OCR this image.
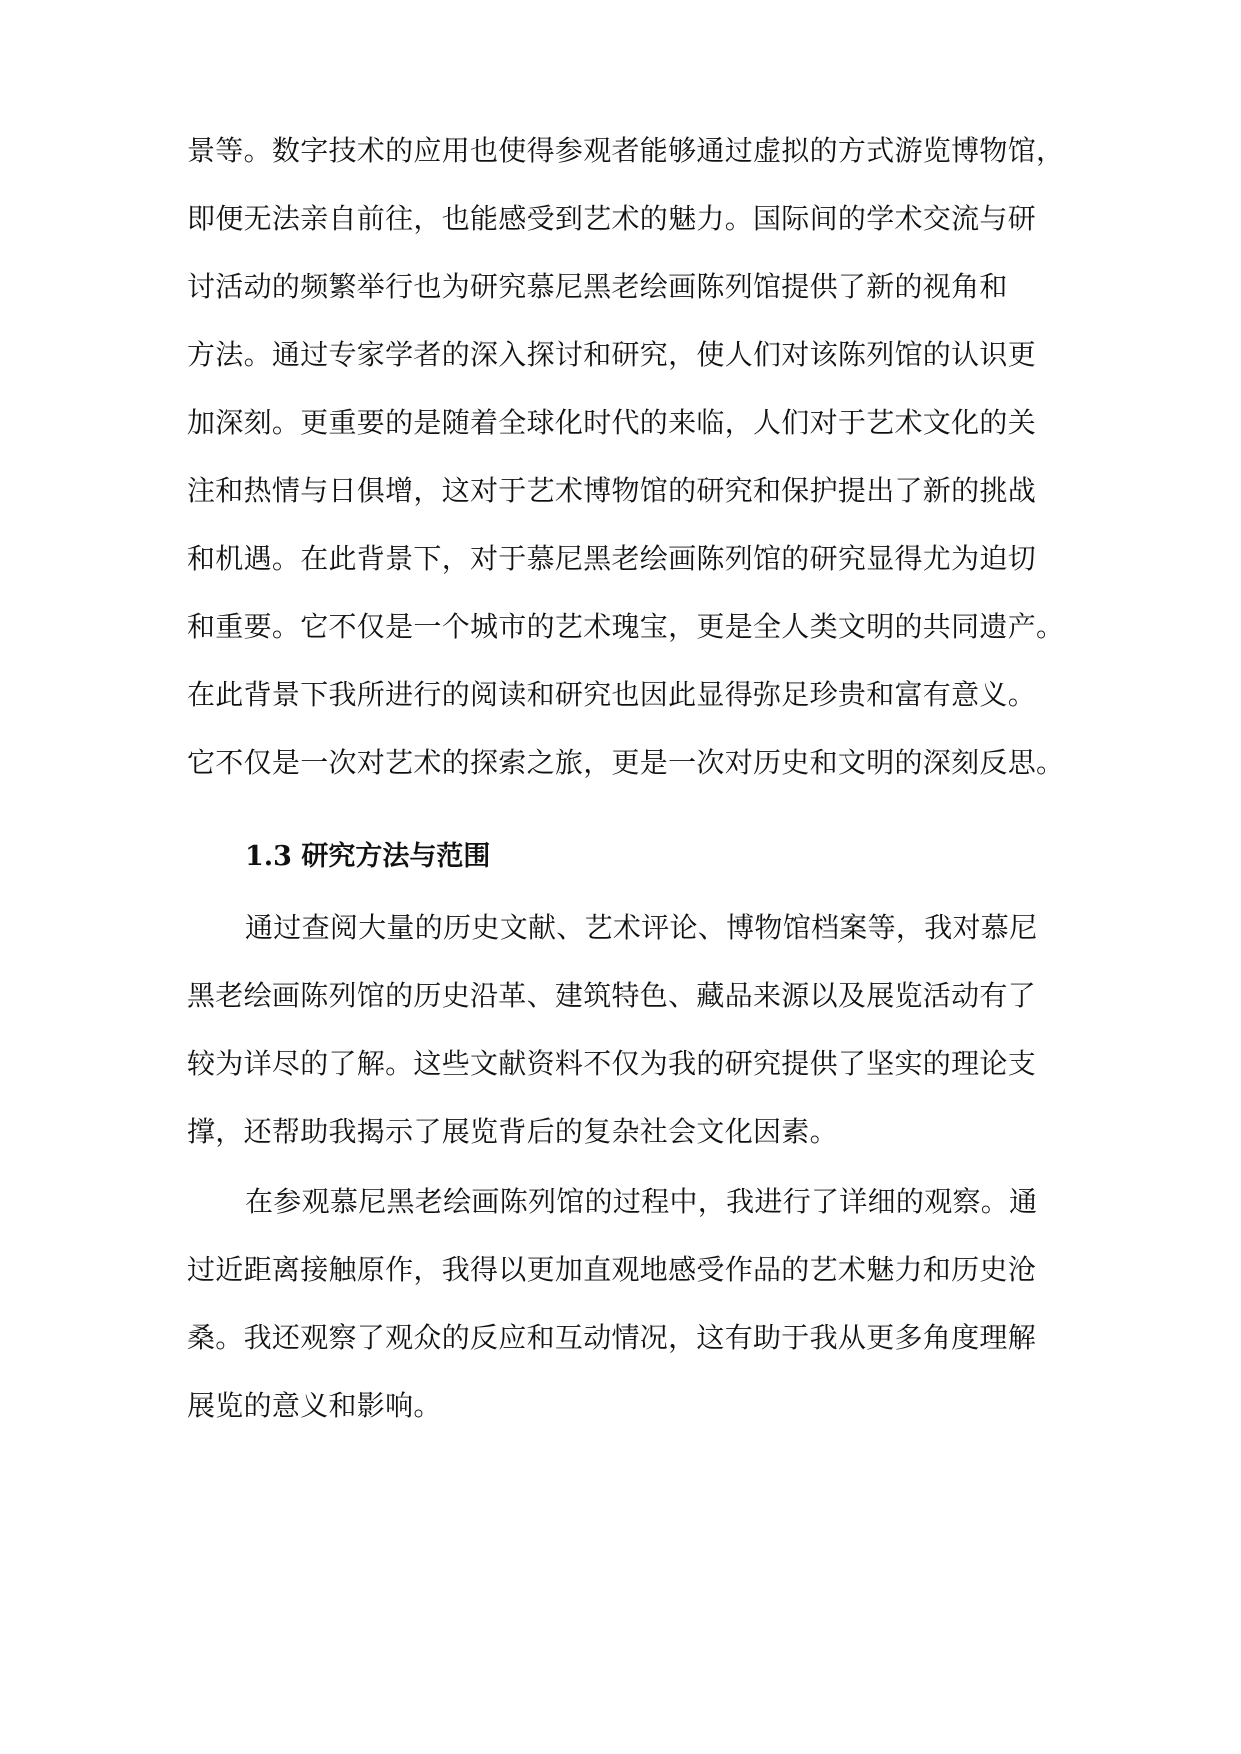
景等。数字技术的应用也使得参观者能够通过虚拟的方式游览博物馆，
即便无法亲自前往，也能感受到艺术的魅力。国际间的学术交流与研
讨活动的频繁举行也为研究慕尼黑老绘画陈列馆提供了新的视角和
方法。通过专家学者的深入探讨和研究，使人们对该陈列馆的认识更
加深刻。更重要的是随着全球化时代的来临，人们对于艺术文化的关
注和热情与日俱增，这对于艺术博物馆的研究和保护提出了新的挑战
和机遇。在此背景下，对于慕尼黑老绘画陈列馆的研究显得尤为迫切
和重要。它不仅是一个城市的艺术瑰宝，更是全人类文明的共同遗产。
在此背景下我所进行的阅读和研究也因此显得弥足珍贵和富有意义。
它不仅是一次对艺术的探索之旅，更是一次对历史和文明的深刻反思。
1.3 研究方法与范围
通过查阅大量的历史文献、艺术评论、博物馆档案等，我对慕尼
黑老绘画陈列馆的历史沿革、建筑特色、藏品来源以及展览活动有了
较为详尽的了解。这些文献资料不仅为我的研究提供了坚实的理论支
撑，还帮助我揭示了展览背后的复杂社会文化因素。
在参观慕尼黑老绘画陈列馆的过程中，我进行了详细的观察。通
过近距离接触原作，我得以更加直观地感受作品的艺术魅力和历史沧
桑。我还观察了观众的反应和互动情况，这有助于我从更多角度理解
展览的意义和影响。
